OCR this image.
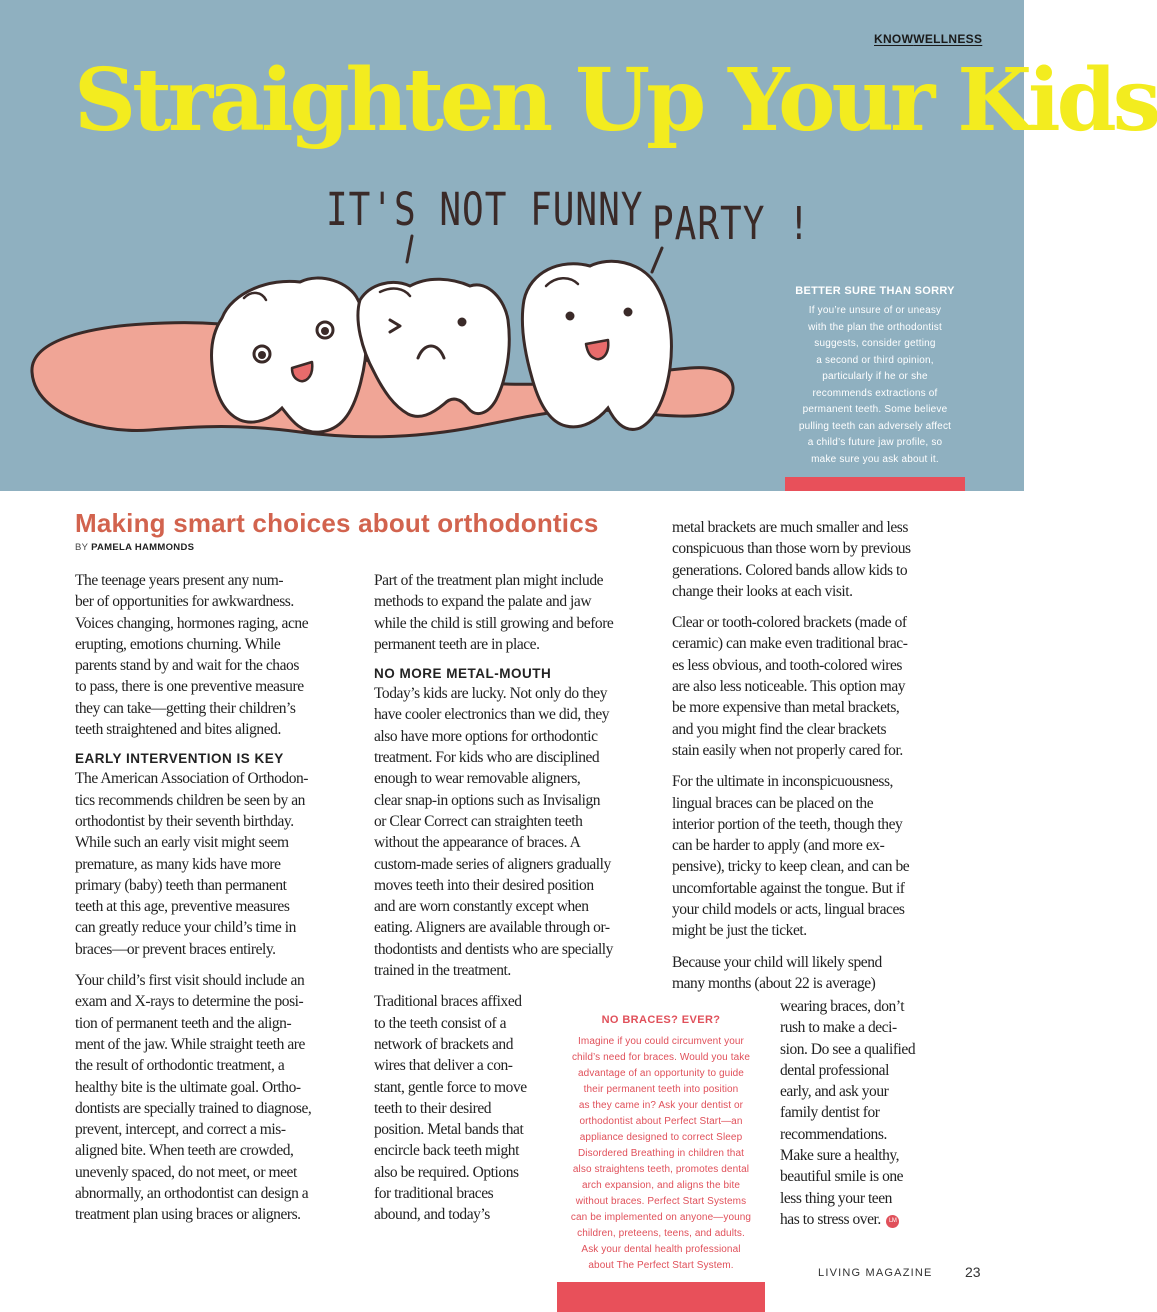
KNOWWELLNESS
Straighten Up Your Kids
IT'S NOT FUNNY PARTY !
BETTER SURE THAN SORRY

If you’re unsure of or uneasy
with the plan the orthodontist
suggests, consider getting
a second or third opinion,
particularly if he or she
recommends extractions of
permanent teeth. Some believe
pulling teeth can adversely affect
a child’s future jaw profile, so
make sure you ask about it.

Making smart choices about orthodontics
BY PAMELA HAMMONDS

The teenage years present any num-
ber of opportunities for awkwardness.
Voices changing, hormones raging, acne
erupting, emotions churning. While
parents stand by and wait for the chaos
to pass, there is one preventive measure
they can take—getting their children’s
teeth straightened and bites aligned.

EARLY INTERVENTION IS KEY

The American Association of Orthodon-
tics recommends children be seen by an
orthodontist by their seventh birthday.
While such an early visit might seem
premature, as many kids have more
primary (baby) teeth than permanent
teeth at this age, preventive measures
can greatly reduce your child’s time in
braces—or prevent braces entirely.

Your child’s first visit should include an
exam and X-rays to determine the posi-
tion of permanent teeth and the align-
ment of the jaw. While straight teeth are
the result of orthodontic treatment, a
healthy bite is the ultimate goal. Ortho-
dontists are specially trained to diagnose,
prevent, intercept, and correct a mis-
aligned bite. When teeth are crowded,
unevenly spaced, do not meet, or meet
abnormally, an orthodontist can design a
treatment plan using braces or aligners.

Part of the treatment plan might include
methods to expand the palate and jaw
while the child is still growing and before
permanent teeth are in place.

NO MORE METAL-MOUTH

Today’s kids are lucky. Not only do they
have cooler electronics than we did, they
also have more options for orthodontic
treatment. For kids who are disciplined
enough to wear removable aligners,
clear snap-in options such as Invisalign
or Clear Correct can straighten teeth
without the appearance of braces. A
custom-made series of aligners gradually
moves teeth into their desired position
and are worn constantly except when
eating. Aligners are available through or-
thodontists and dentists who are specially
trained in the treatment.

Traditional braces affixed
to the teeth consist of a
network of brackets and
wires that deliver a con-
stant, gentle force to move
teeth to their desired
position. Metal bands that
encircle back teeth might
also be required. Options
for traditional braces
abound, and today’s

metal brackets are much smaller and less
conspicuous than those worn by previous
generations. Colored bands allow kids to
change their looks at each visit.

Clear or tooth-colored brackets (made of
ceramic) can make even traditional brac-
es less obvious, and tooth-colored wires
are also less noticeable. This option may
be more expensive than metal brackets,
and you might find the clear brackets
stain easily when not properly cared for.

For the ultimate in inconspicuousness,
lingual braces can be placed on the
interior portion of the teeth, though they
can be harder to apply (and more ex-
pensive), tricky to keep clean, and can be
uncomfortable against the tongue. But if
your child models or acts, lingual braces
might be just the ticket.

Because your child will likely spend
many months (about 22 is average)

wearing braces, don’t
rush to make a deci-
sion. Do see a qualified
dental professional
early, and ask your
family dentist for
recommendations.
Make sure a healthy,
beautiful smile is one
less thing your teen
has to stress over. LM
NO BRACES? EVER?

Imagine if you could circumvent your
child’s need for braces. Would you take
advantage of an opportunity to guide
their permanent teeth into position
as they came in? Ask your dentist or
orthodontist about Perfect Start—an
appliance designed to correct Sleep
Disordered Breathing in children that
also straightens teeth, promotes dental
arch expansion, and aligns the bite
without braces. Perfect Start Systems
can be implemented on anyone—young
children, preteens, teens, and adults.
Ask your dental health professional
about The Perfect Start System.

LIVING MAGAZINE 23
